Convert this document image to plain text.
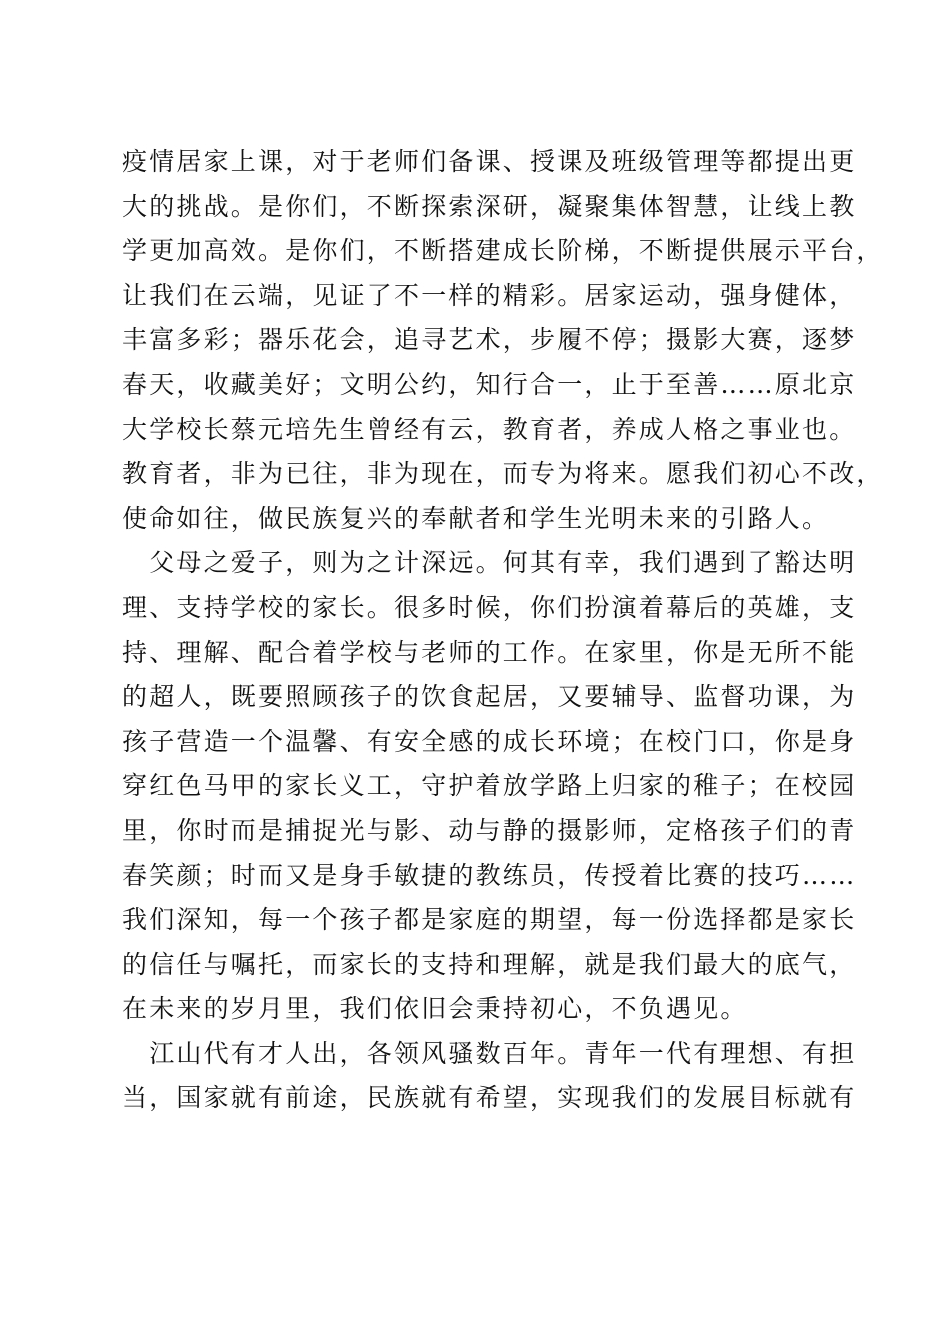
疫情居家上课，对于老师们备课、授课及班级管理等都提出更
大的挑战。是你们，不断探索深研，凝聚集体智慧，让线上教
学更加高效。是你们，不断搭建成长阶梯，不断提供展示平台，
让我们在云端，见证了不一样的精彩。居家运动，强身健体，
丰富多彩；器乐花会，追寻艺术，步履不停；摄影大赛，逐梦
春天，收藏美好；文明公约，知行合一，止于至善……原北京
大学校长蔡元培先生曾经有云，教育者，养成人格之事业也。
教育者，非为已往，非为现在，而专为将来。愿我们初心不改，
使命如往，做民族复兴的奉献者和学生光明未来的引路人。
　父母之爱子，则为之计深远。何其有幸，我们遇到了豁达明
理、支持学校的家长。很多时候，你们扮演着幕后的英雄，支
持、理解、配合着学校与老师的工作。在家里，你是无所不能
的超人，既要照顾孩子的饮食起居，又要辅导、监督功课，为
孩子营造一个温馨、有安全感的成长环境；在校门口，你是身
穿红色马甲的家长义工，守护着放学路上归家的稚子；在校园
里，你时而是捕捉光与影、动与静的摄影师，定格孩子们的青
春笑颜；时而又是身手敏捷的教练员，传授着比赛的技巧……
我们深知，每一个孩子都是家庭的期望，每一份选择都是家长
的信任与嘱托，而家长的支持和理解，就是我们最大的底气，
在未来的岁月里，我们依旧会秉持初心，不负遇见。
　江山代有才人出，各领风骚数百年。青年一代有理想、有担
当，国家就有前途，民族就有希望，实现我们的发展目标就有
